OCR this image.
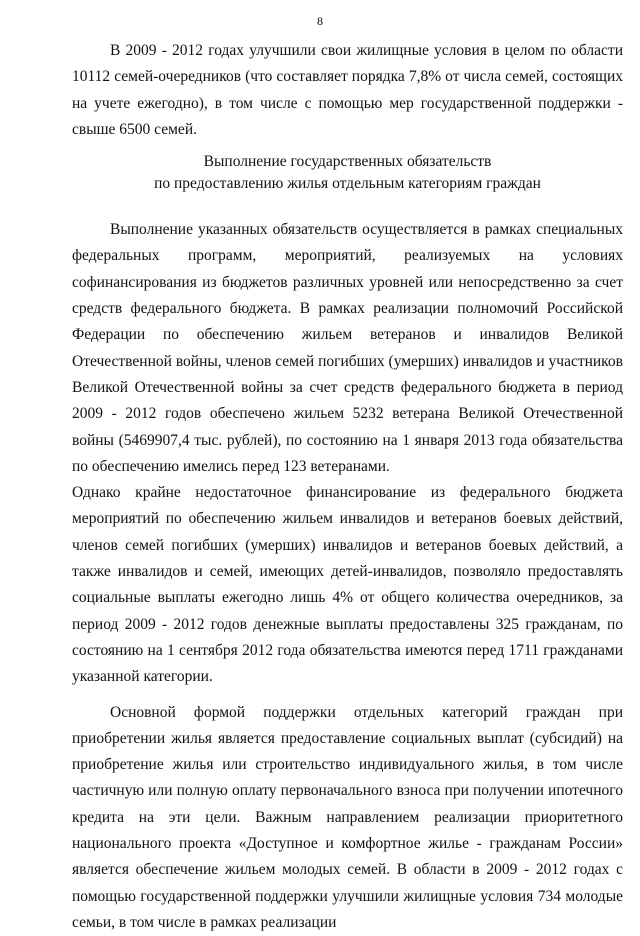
8

В 2009 - 2012 годах улучшили свои жилищные условия в целом по области 10112 семей-очередников (что составляет порядка 7,8% от числа семей, состоящих на учете ежегодно), в том числе с помощью мер государственной поддержки - свыше 6500 семей.

Выполнение государственных обязательств

по предоставлению жилья отдельным категориям граждан

Выполнение указанных обязательств осуществляется в рамках специальных федеральных программ, мероприятий, реализуемых на условиях софинансирования из бюджетов различных уровней или непосредственно за счет средств федерального бюджета. В рамках реализации полномочий Российской Федерации по обеспечению жильем ветеранов и инвалидов Великой Отечественной войны, членов семей погибших (умерших) инвалидов и участников Великой Отечественной войны за счет средств федерального бюджета в период 2009 - 2012 годов обеспечено жильем 5232 ветерана Великой Отечественной войны (5469907,4 тыс. рублей), по состоянию на 1 января 2013 года обязательства по обеспечению имелись перед 123 ветеранами.

Однако крайне недостаточное финансирование из федерального бюджета мероприятий по обеспечению жильем инвалидов и ветеранов боевых действий, членов семей погибших (умерших) инвалидов и ветеранов боевых действий, а также инвалидов и семей, имеющих детей-инвалидов, позволяло предоставлять социальные выплаты ежегодно лишь 4% от общего количества очередников, за период 2009 - 2012 годов денежные выплаты предоставлены 325 гражданам, по состоянию на 1 сентября 2012 года обязательства имеются перед 1711 гражданами указанной категории.

Основной формой поддержки отдельных категорий граждан при приобретении жилья является предоставление социальных выплат (субсидий) на приобретение жилья или строительство индивидуального жилья, в том числе частичную или полную оплату первоначального взноса при получении ипотечного кредита на эти цели. Важным направлением реализации приоритетного национального проекта «Доступное и комфортное жилье - гражданам России» является обеспечение жильем молодых семей. В области в 2009 - 2012 годах с помощью государственной поддержки улучшили жилищные условия 734 молодые семьи, в том числе в рамках реализации
